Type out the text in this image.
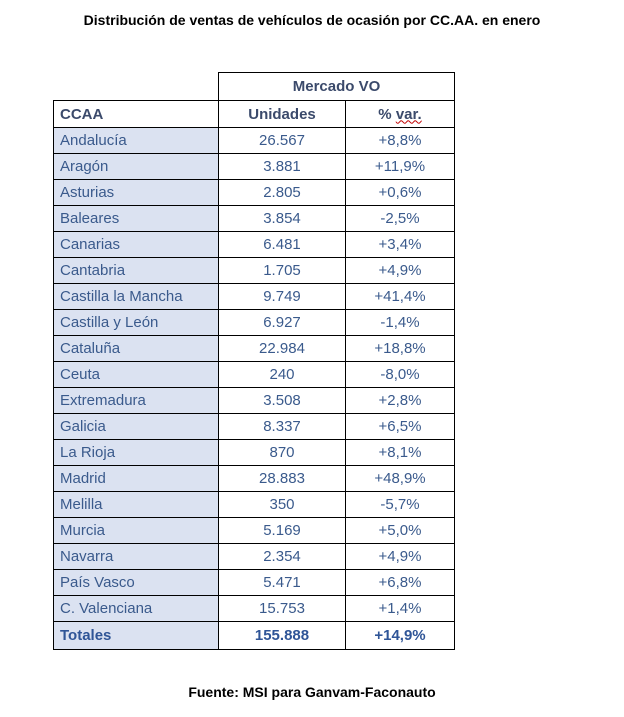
Distribución de ventas de vehículos de ocasión por CC.AA. en enero
	Mercado VO	
CCAA	Unidades	% var.
Andalucía	26.567	+8,8%
Aragón	3.881	+11,9%
Asturias	2.805	+0,6%
Baleares	3.854	-2,5%
Canarias	6.481	+3,4%
Cantabria	1.705	+4,9%
Castilla la Mancha	9.749	+41,4%
Castilla y León	6.927	-1,4%
Cataluña	22.984	+18,8%
Ceuta	240	-8,0%
Extremadura	3.508	+2,8%
Galicia	8.337	+6,5%
La Rioja	870	+8,1%
Madrid	28.883	+48,9%
Melilla	350	-5,7%
Murcia	5.169	+5,0%
Navarra	2.354	+4,9%
País Vasco	5.471	+6,8%
C. Valenciana	15.753	+1,4%
Totales	155.888	+14,9%
Fuente: MSI para Ganvam-Faconauto
